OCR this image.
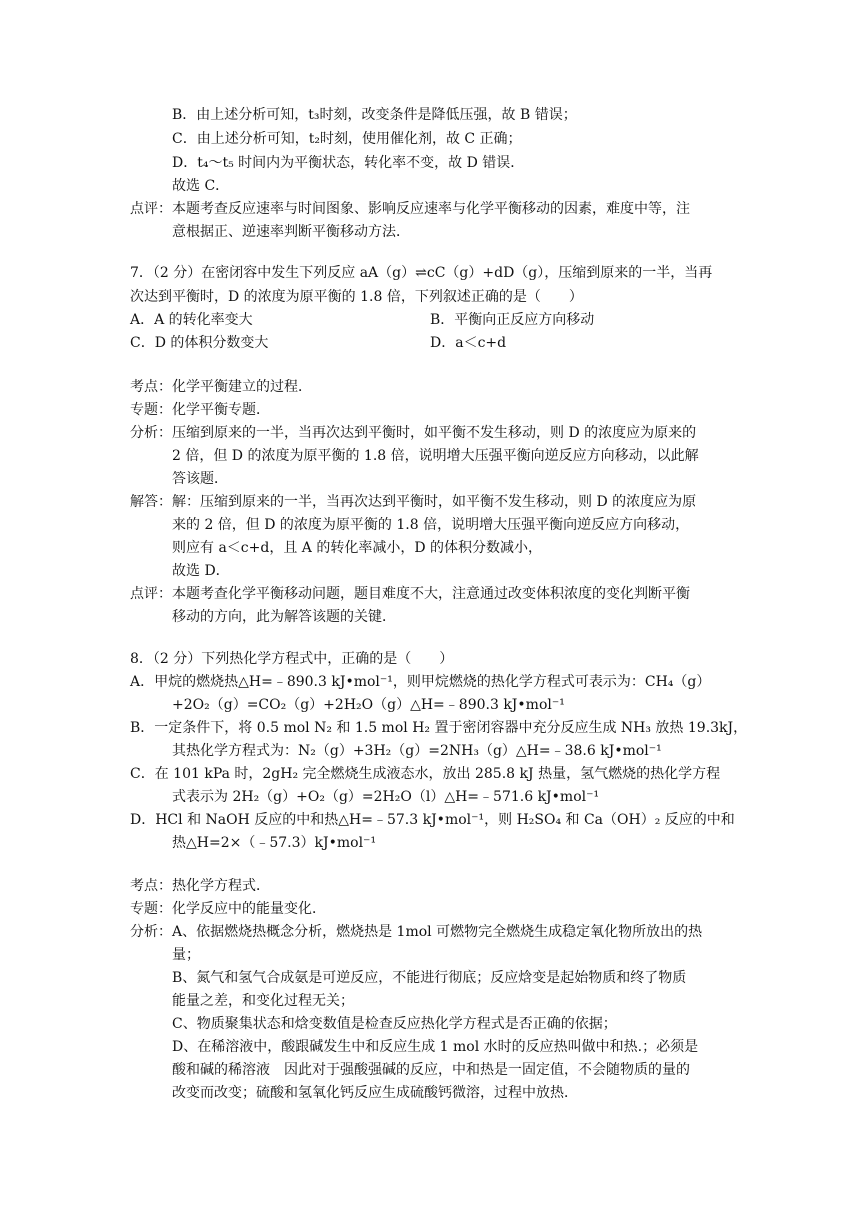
B．由上述分析可知，t₃时刻，改变条件是降低压强，故 B 错误；
C．由上述分析可知，t₂时刻，使用催化剂，故 C 正确；
D．t₄～t₅ 时间内为平衡状态，转化率不变，故 D 错误．
故选 C．
点评：本题考查反应速率与时间图象、影响反应速率与化学平衡移动的因素，难度中等，注
意根据正、逆速率判断平衡移动方法．
7．（2 分）在密闭容中发生下列反应 aA（g）⇌cC（g）+dD（g），压缩到原来的一半，当再
次达到平衡时，D 的浓度为原平衡的 1.8 倍，下列叙述正确的是（　　）
A．A 的转化率变大	B．平衡向正反应方向移动
C．D 的体积分数变大	D．a＜c+d
考点：化学平衡建立的过程．
专题：化学平衡专题．
分析：压缩到原来的一半，当再次达到平衡时，如平衡不发生移动，则 D 的浓度应为原来的
2 倍，但 D 的浓度为原平衡的 1.8 倍，说明增大压强平衡向逆反应方向移动，以此解
答该题．
解答：解：压缩到原来的一半，当再次达到平衡时，如平衡不发生移动，则 D 的浓度应为原
来的 2 倍，但 D 的浓度为原平衡的 1.8 倍，说明增大压强平衡向逆反应方向移动，
则应有 a＜c+d，且 A 的转化率减小，D 的体积分数减小，
故选 D．
点评：本题考查化学平衡移动问题，题目难度不大，注意通过改变体积浓度的变化判断平衡
移动的方向，此为解答该题的关键．
8．（2 分）下列热化学方程式中，正确的是（　　）
A．甲烷的燃烧热△H=﹣890.3 kJ•mol⁻¹，则甲烷燃烧的热化学方程式可表示为：CH₄（g）
+2O₂（g）=CO₂（g）+2H₂O（g）△H=﹣890.3 kJ•mol⁻¹
B．一定条件下，将 0.5 mol N₂ 和 1.5 mol H₂ 置于密闭容器中充分反应生成 NH₃ 放热 19.3kJ，
其热化学方程式为：N₂（g）+3H₂（g）=2NH₃（g）△H=﹣38.6 kJ•mol⁻¹
C．在 101 kPa 时，2gH₂ 完全燃烧生成液态水，放出 285.8 kJ 热量，氢气燃烧的热化学方程
式表示为 2H₂（g）+O₂（g）=2H₂O（l）△H=﹣571.6 kJ•mol⁻¹
D．HCl 和 NaOH 反应的中和热△H=﹣57.3 kJ•mol⁻¹，则 H₂SO₄ 和 Ca（OH）₂ 反应的中和
热△H=2×（﹣57.3）kJ•mol⁻¹
考点：热化学方程式．
专题：化学反应中的能量变化．
分析：A、依据燃烧热概念分析，燃烧热是 1mol 可燃物完全燃烧生成稳定氧化物所放出的热
量；
B、氮气和氢气合成氨是可逆反应，不能进行彻底；反应焓变是起始物质和终了物质
能量之差，和变化过程无关；
C、物质聚集状态和焓变数值是检查反应热化学方程式是否正确的依据；
D、在稀溶液中，酸跟碱发生中和反应生成 1 mol 水时的反应热叫做中和热.；必须是
酸和碱的稀溶液　因此对于强酸强碱的反应，中和热是一固定值，不会随物质的量的
改变而改变；硫酸和氢氧化钙反应生成硫酸钙微溶，过程中放热．
